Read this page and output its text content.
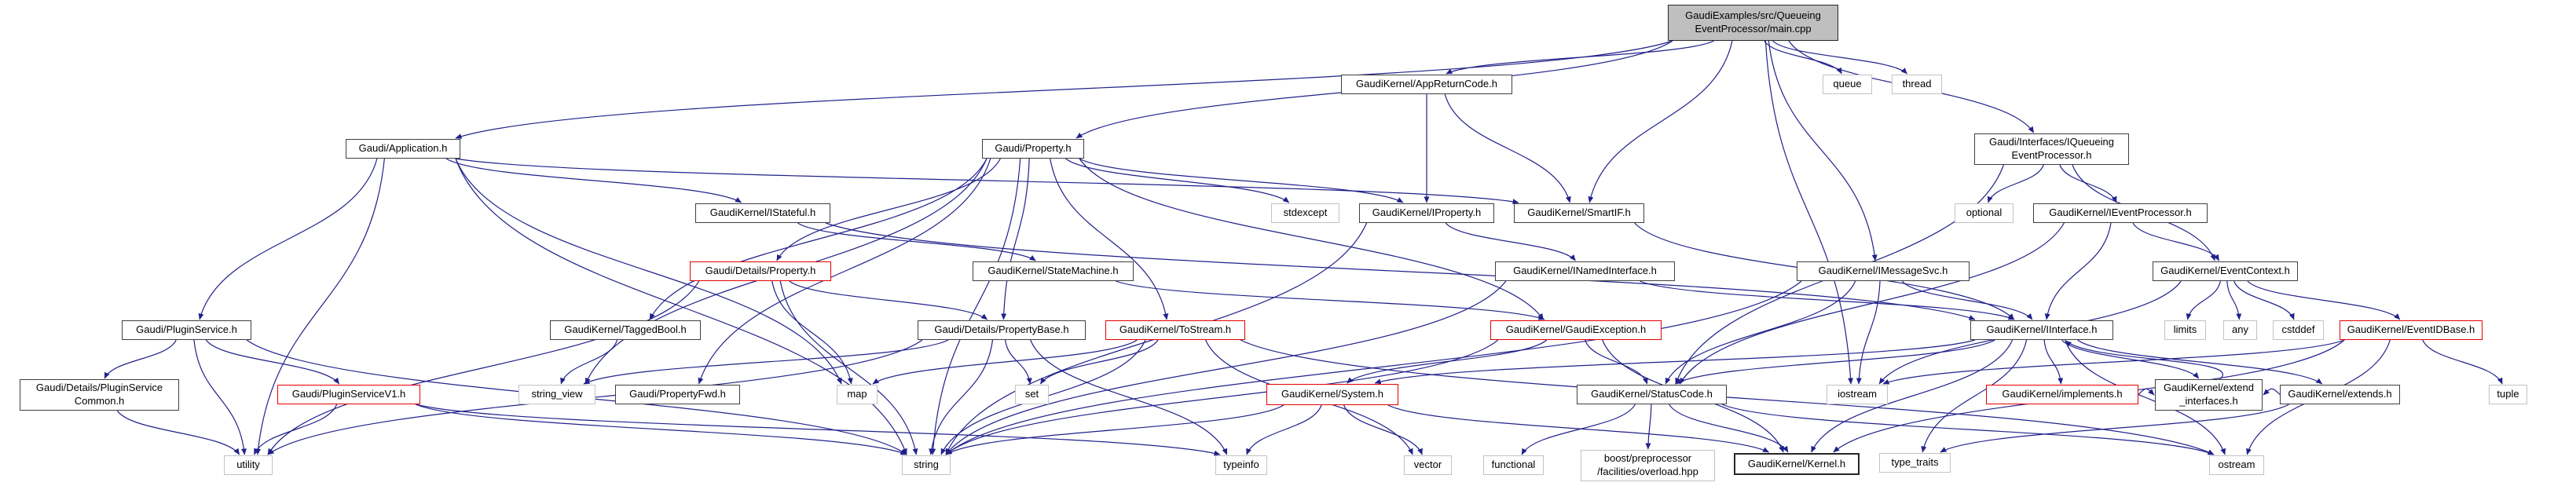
GaudiExamples/src/Queueing
EventProcessor/main.cpp
GaudiKernel/AppReturnCode.h	queue	thread
Gaudi/Application.h	Gaudi/Property.h
Gaudi/Interfaces/IQueueing
EventProcessor.h
GaudiKernel/IStateful.h	stdexcept	GaudiKernel/IProperty.h	GaudiKernel/SmartIF.h	optional	GaudiKernel/IEventProcessor.h
Gaudi/Details/Property.h	GaudiKernel/StateMachine.h	GaudiKernel/INamedInterface.h	GaudiKernel/IMessageSvc.h	GaudiKernel/EventContext.h
Gaudi/PluginService.h	GaudiKernel/TaggedBool.h	Gaudi/Details/PropertyBase.h	GaudiKernel/ToStream.h	GaudiKernel/GaudiException.h	GaudiKernel/IInterface.h	limits	any	cstddef	GaudiKernel/EventIDBase.h
Gaudi/Details/PluginService
Common.h
Gaudi/PluginServiceV1.h	string_view	Gaudi/PropertyFwd.h	map	set	GaudiKernel/System.h	GaudiKernel/StatusCode.h	iostream	GaudiKernel/implements.h
GaudiKernel/extend
_interfaces.h
GaudiKernel/extends.h	tuple
utility	string	typeinfo	vector	functional
boost/preprocessor
/facilities/overload.hpp
GaudiKernel/Kernel.h	type_traits	ostream
